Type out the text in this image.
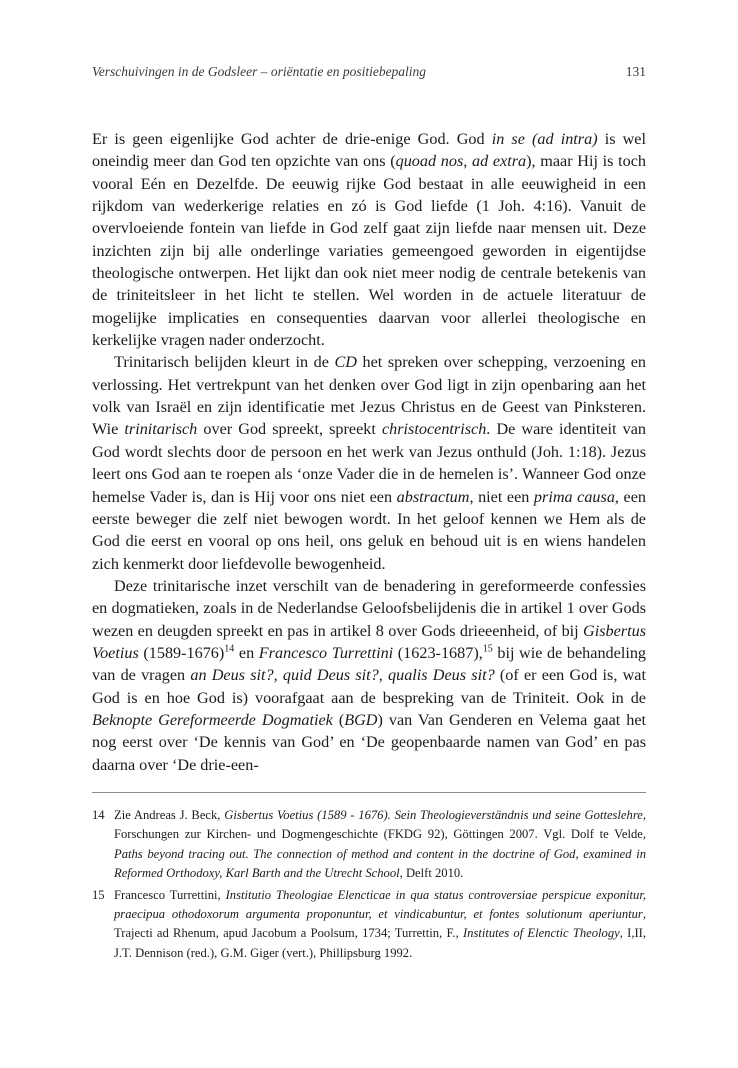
Verschuivingen in de Godsleer – oriëntatie en positiebepaling	131

Er is geen eigenlijke God achter de drie-enige God. God in se (ad intra) is wel oneindig meer dan God ten opzichte van ons (quoad nos, ad extra), maar Hij is toch vooral Eén en Dezelfde. De eeuwig rijke God bestaat in alle eeuwigheid in een rijkdom van wederkerige relaties en zó is God liefde (1 Joh. 4:16). Vanuit de overvloeiende fontein van liefde in God zelf gaat zijn liefde naar mensen uit. Deze inzichten zijn bij alle onderlinge variaties gemeengoed geworden in eigentijdse theologische ontwerpen. Het lijkt dan ook niet meer nodig de centrale betekenis van de triniteitsleer in het licht te stellen. Wel worden in de actuele literatuur de mogelijke implicaties en consequenties daarvan voor allerlei theologische en kerkelijke vragen nader onderzocht.

Trinitarisch belijden kleurt in de CD het spreken over schepping, verzoening en verlossing. Het vertrekpunt van het denken over God ligt in zijn openbaring aan het volk van Israël en zijn identificatie met Jezus Christus en de Geest van Pinksteren. Wie trinitarisch over God spreekt, spreekt christocentrisch. De ware identiteit van God wordt slechts door de persoon en het werk van Jezus onthuld (Joh. 1:18). Jezus leert ons God aan te roepen als ‘onze Vader die in de hemelen is’. Wanneer God onze hemelse Vader is, dan is Hij voor ons niet een abstractum, niet een prima causa, een eerste beweger die zelf niet bewogen wordt. In het geloof kennen we Hem als de God die eerst en vooral op ons heil, ons geluk en behoud uit is en wiens handelen zich kenmerkt door liefdevolle bewogenheid.

Deze trinitarische inzet verschilt van de benadering in gereformeerde confessies en dogmatieken, zoals in de Nederlandse Geloofsbelijdenis die in artikel 1 over Gods wezen en deugden spreekt en pas in artikel 8 over Gods drieeenheid, of bij Gisbertus Voetius (1589-1676)$^{14}$ en Francesco Turrettini (1623-1687),$^{15}$ bij wie de behandeling van de vragen an Deus sit?, quid Deus sit?, qualis Deus sit? (of er een God is, wat God is en hoe God is) voorafgaat aan de bespreking van de Triniteit. Ook in de Beknopte Gereformeerde Dogmatiek (BGD) van Van Genderen en Velema gaat het nog eerst over ‘De kennis van God’ en ‘De geopenbaarde namen van God’ en pas daarna over ‘De drie-een-

14 Zie Andreas J. Beck, Gisbertus Voetius (1589 - 1676). Sein Theologieverständnis und seine Gotteslehre, Forschungen zur Kirchen- und Dogmengeschichte (FKDG 92), Göttingen 2007. Vgl. Dolf te Velde, Paths beyond tracing out. The connection of method and content in the doctrine of God, examined in Reformed Orthodoxy, Karl Barth and the Utrecht School, Delft 2010.
15 Francesco Turrettini, Institutio Theologiae Elencticae in qua status controversiae perspicue exponitur, praecipua othodoxorum argumenta proponuntur, et vindicabuntur, et fontes solutionum aperiuntur, Trajecti ad Rhenum, apud Jacobum a Poolsum, 1734; Turrettin, F., Institutes of Elenctic Theology, I,II, J.T. Dennison (red.), G.M. Giger (vert.), Phillipsburg 1992.
